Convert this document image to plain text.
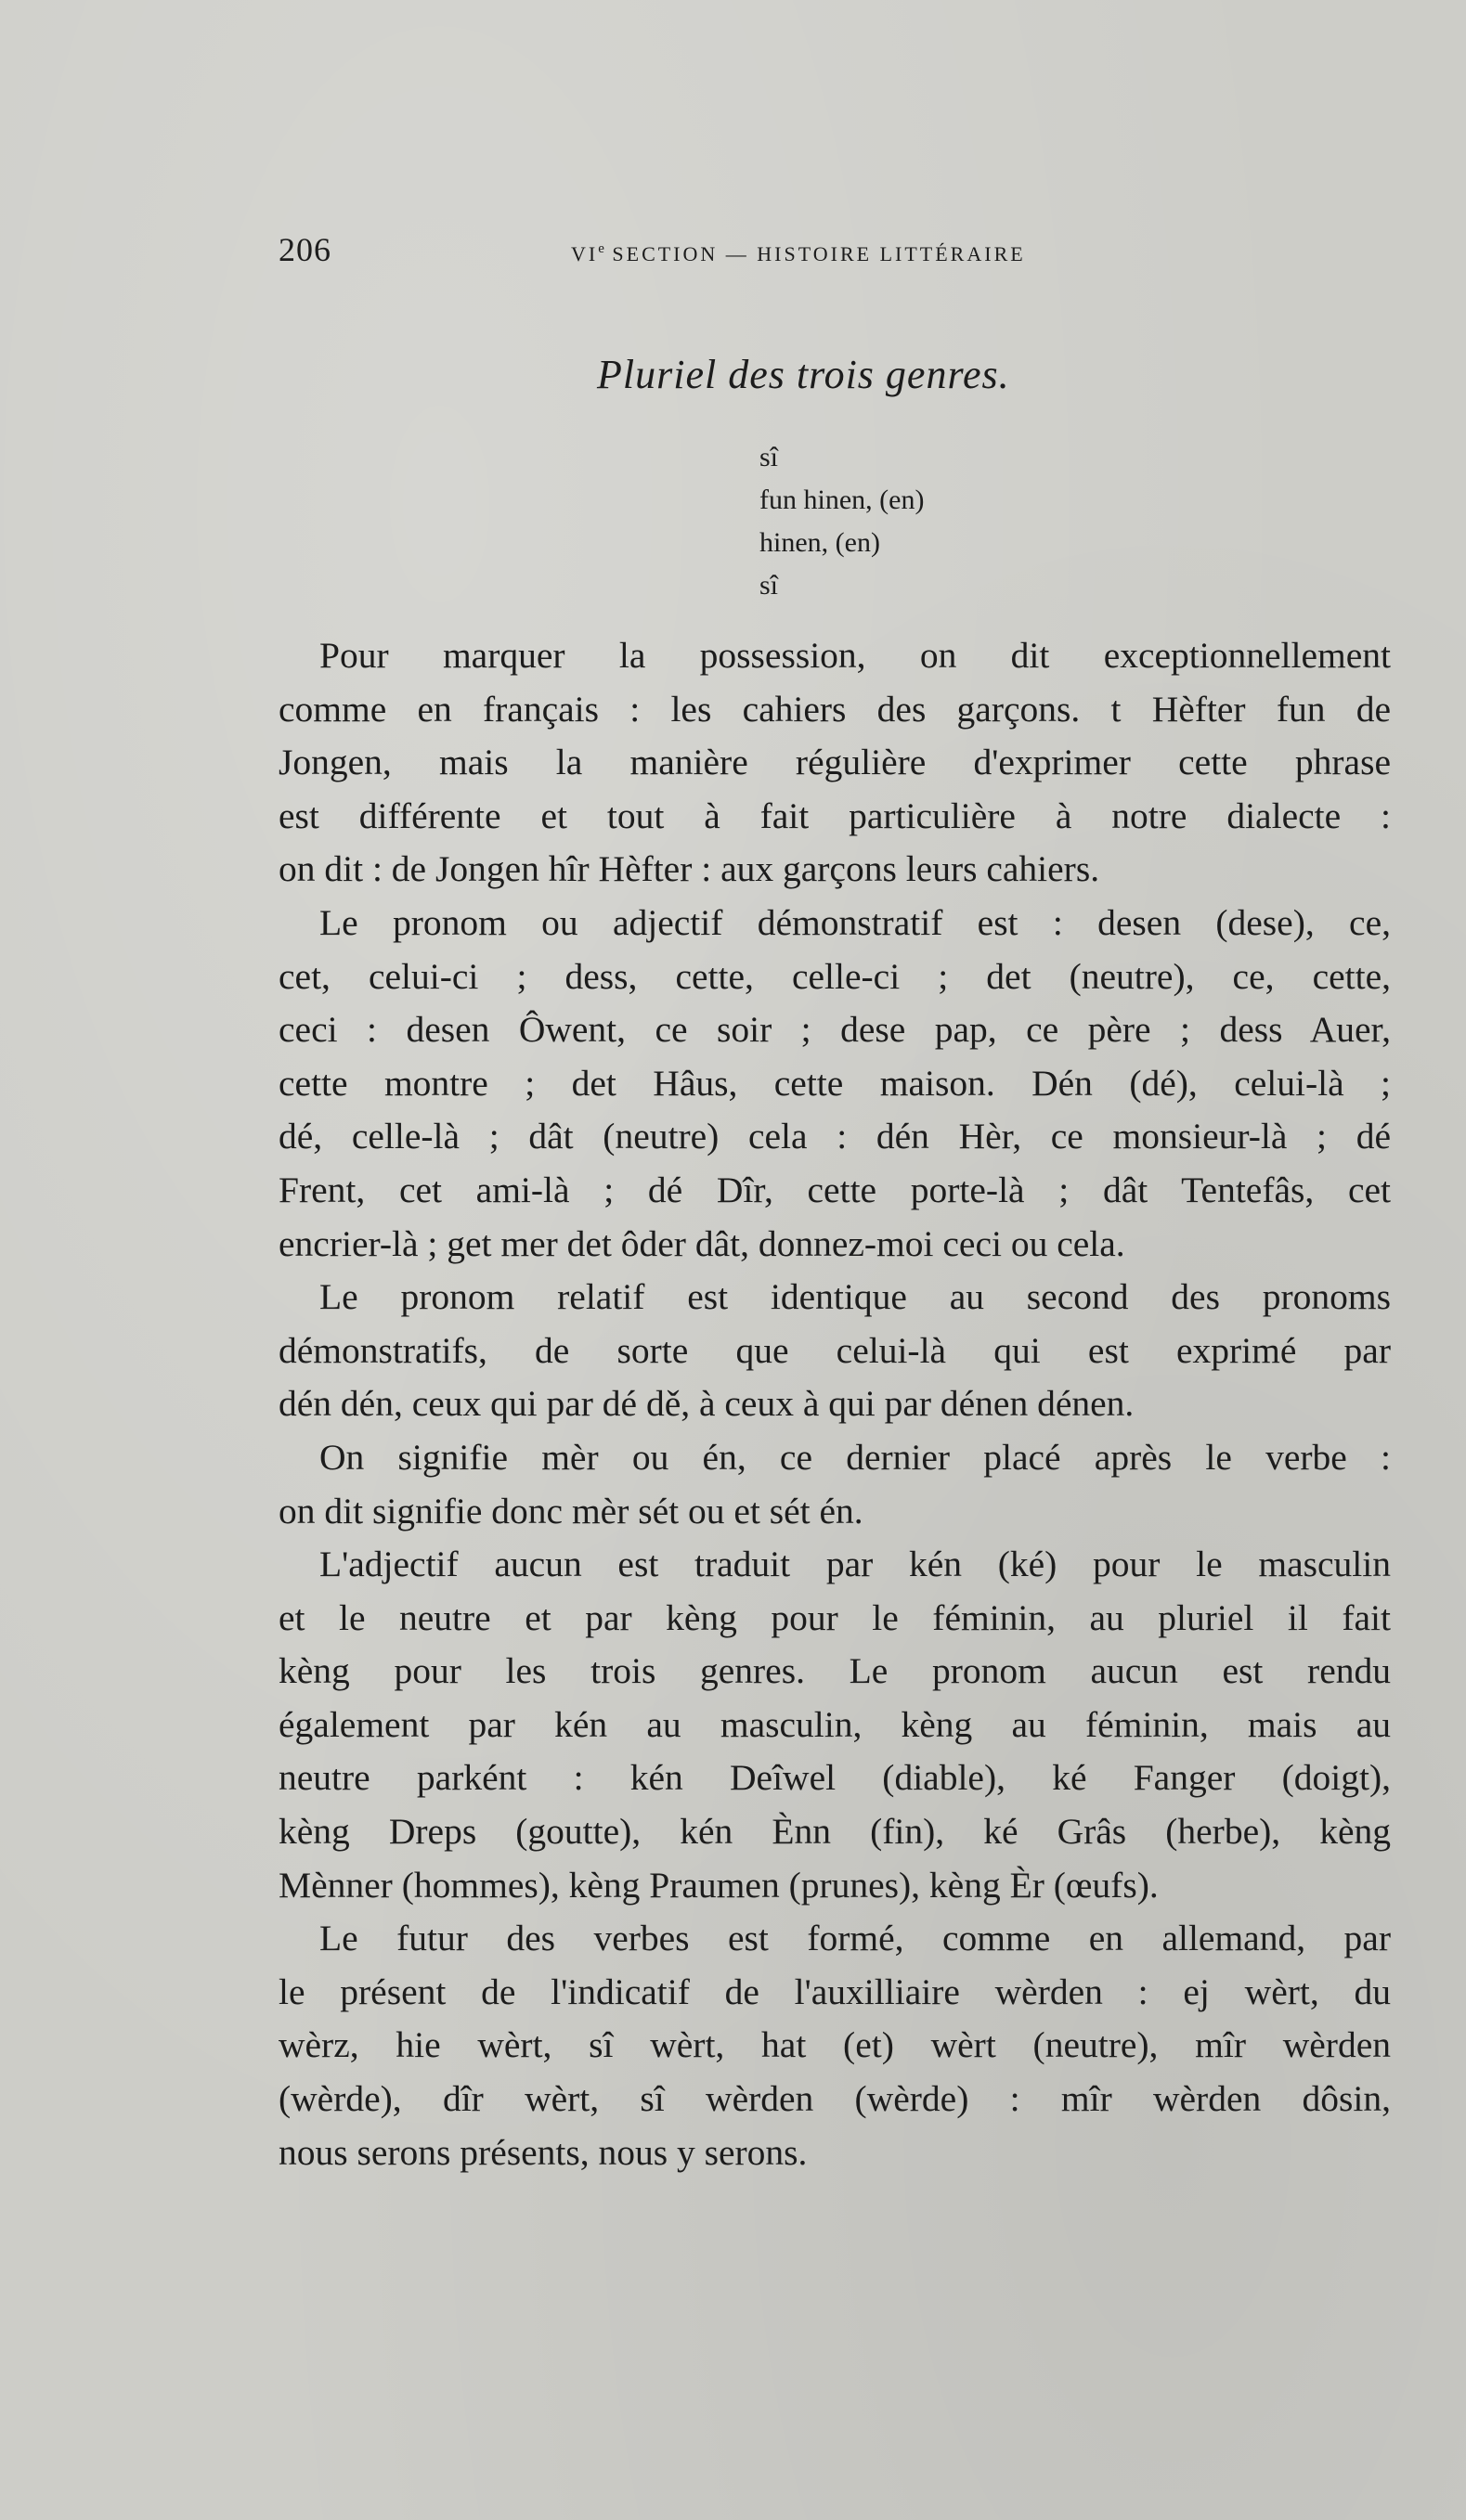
206	VIe SECTION — HISTOIRE LITTÉRAIRE
Pluriel des trois genres.
sî
fun hinen, (en)
hinen, (en)
sî
Pour marquer la possession, on dit exceptionnellement
comme en français : les cahiers des garçons. t Hèfter fun de
Jongen, mais la manière régulière d'exprimer cette phrase
est différente et tout à fait particulière à notre dialecte :
on dit : de Jongen hîr Hèfter : aux garçons leurs cahiers.
Le pronom ou adjectif démonstratif est : desen (dese), ce,
cet, celui-ci ; dess, cette, celle-ci ; det (neutre), ce, cette,
ceci : desen Ôwent, ce soir ; dese pap, ce père ; dess Auer,
cette montre ; det Hâus, cette maison. Dén (dé), celui-là ;
dé, celle-là ; dât (neutre) cela : dén Hèr, ce monsieur-là ; dé
Frent, cet ami-là ; dé Dîr, cette porte-là ; dât Tentefâs, cet
encrier-là ; get mer det ôder dât, donnez-moi ceci ou cela.
Le pronom relatif est identique au second des pronoms
démonstratifs, de sorte que celui-là qui est exprimé par
dén dén, ceux qui par dé dě, à ceux à qui par dénen dénen.
On signifie mèr ou én, ce dernier placé après le verbe :
on dit signifie donc mèr sét ou et sét én.
L'adjectif aucun est traduit par kén (ké) pour le masculin
et le neutre et par kèng pour le féminin, au pluriel il fait
kèng pour les trois genres. Le pronom aucun est rendu
également par kén au masculin, kèng au féminin, mais au
neutre parként : kén Deîwel (diable), ké Fanger (doigt),
kèng Dreps (goutte), kén Ènn (fin), ké Grâs (herbe), kèng
Mènner (hommes), kèng Praumen (prunes), kèng Èr (œufs).
Le futur des verbes est formé, comme en allemand, par
le présent de l'indicatif de l'auxilliaire wèrden : ej wèrt, du
wèrz, hie wèrt, sî wèrt, hat (et) wèrt (neutre), mîr wèrden
(wèrde), dîr wèrt, sî wèrden (wèrde) : mîr wèrden dôsin,
nous serons présents, nous y serons.
